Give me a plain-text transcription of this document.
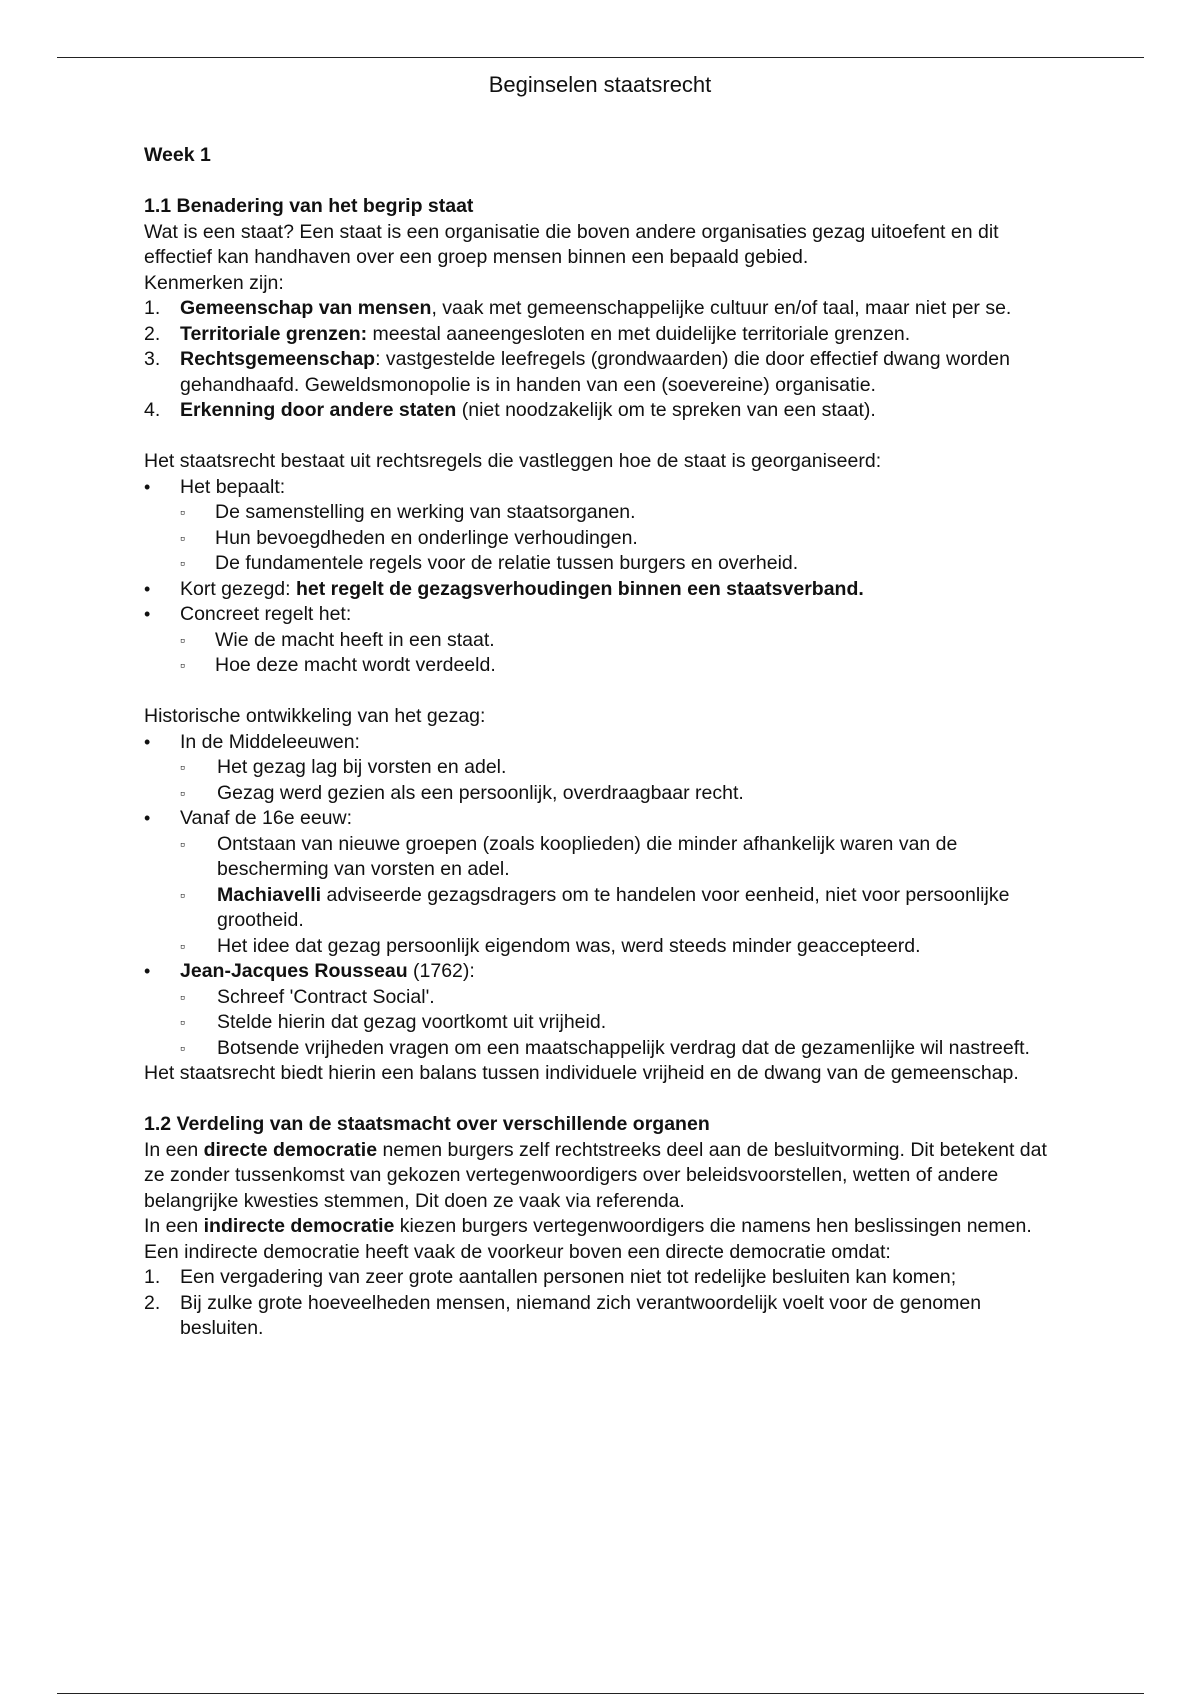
Beginselen staatsrecht

Week 1

1.1 Benadering van het begrip staat

Wat is een staat? Een staat is een organisatie die boven andere organisaties gezag uitoefent en dit effectief kan handhaven over een groep mensen binnen een bepaald gebied.

Kenmerken zijn:

1. Gemeenschap van mensen, vaak met gemeenschappelijke cultuur en/of taal, maar niet per se.
2. Territoriale grenzen: meestal aaneengesloten en met duidelijke territoriale grenzen.
3. Rechtsgemeenschap: vastgestelde leefregels (grondwaarden) die door effectief dwang worden gehandhaafd. Geweldsmonopolie is in handen van een (soevereine) organisatie.
4. Erkenning door andere staten (niet noodzakelijk om te spreken van een staat).

Het staatsrecht bestaat uit rechtsregels die vastleggen hoe de staat is georganiseerd:

• Het bepaalt:
▫ De samenstelling en werking van staatsorganen.
▫ Hun bevoegdheden en onderlinge verhoudingen.
▫ De fundamentele regels voor de relatie tussen burgers en overheid.
• Kort gezegd: het regelt de gezagsverhoudingen binnen een staatsverband.
• Concreet regelt het:
▫ Wie de macht heeft in een staat.
▫ Hoe deze macht wordt verdeeld.

Historische ontwikkeling van het gezag:

• In de Middeleeuwen:
▫ Het gezag lag bij vorsten en adel.
▫ Gezag werd gezien als een persoonlijk, overdraagbaar recht.
• Vanaf de 16e eeuw:
▫ Ontstaan van nieuwe groepen (zoals kooplieden) die minder afhankelijk waren van de bescherming van vorsten en adel.
▫ Machiavelli adviseerde gezagsdragers om te handelen voor eenheid, niet voor persoonlijke grootheid.
▫ Het idee dat gezag persoonlijk eigendom was, werd steeds minder geaccepteerd.
• Jean-Jacques Rousseau (1762):
▫ Schreef 'Contract Social'.
▫ Stelde hierin dat gezag voortkomt uit vrijheid.
▫ Botsende vrijheden vragen om een maatschappelijk verdrag dat de gezamenlijke wil nastreeft.

Het staatsrecht biedt hierin een balans tussen individuele vrijheid en de dwang van de gemeenschap.

1.2 Verdeling van de staatsmacht over verschillende organen

In een directe democratie nemen burgers zelf rechtstreeks deel aan de besluitvorming. Dit betekent dat ze zonder tussenkomst van gekozen vertegenwoordigers over beleidsvoorstellen, wetten of andere belangrijke kwesties stemmen, Dit doen ze vaak via referenda.

In een indirecte democratie kiezen burgers vertegenwoordigers die namens hen beslissingen nemen. Een indirecte democratie heeft vaak de voorkeur boven een directe democratie omdat:

1. Een vergadering van zeer grote aantallen personen niet tot redelijke besluiten kan komen;
2. Bij zulke grote hoeveelheden mensen, niemand zich verantwoordelijk voelt voor de genomen besluiten.
